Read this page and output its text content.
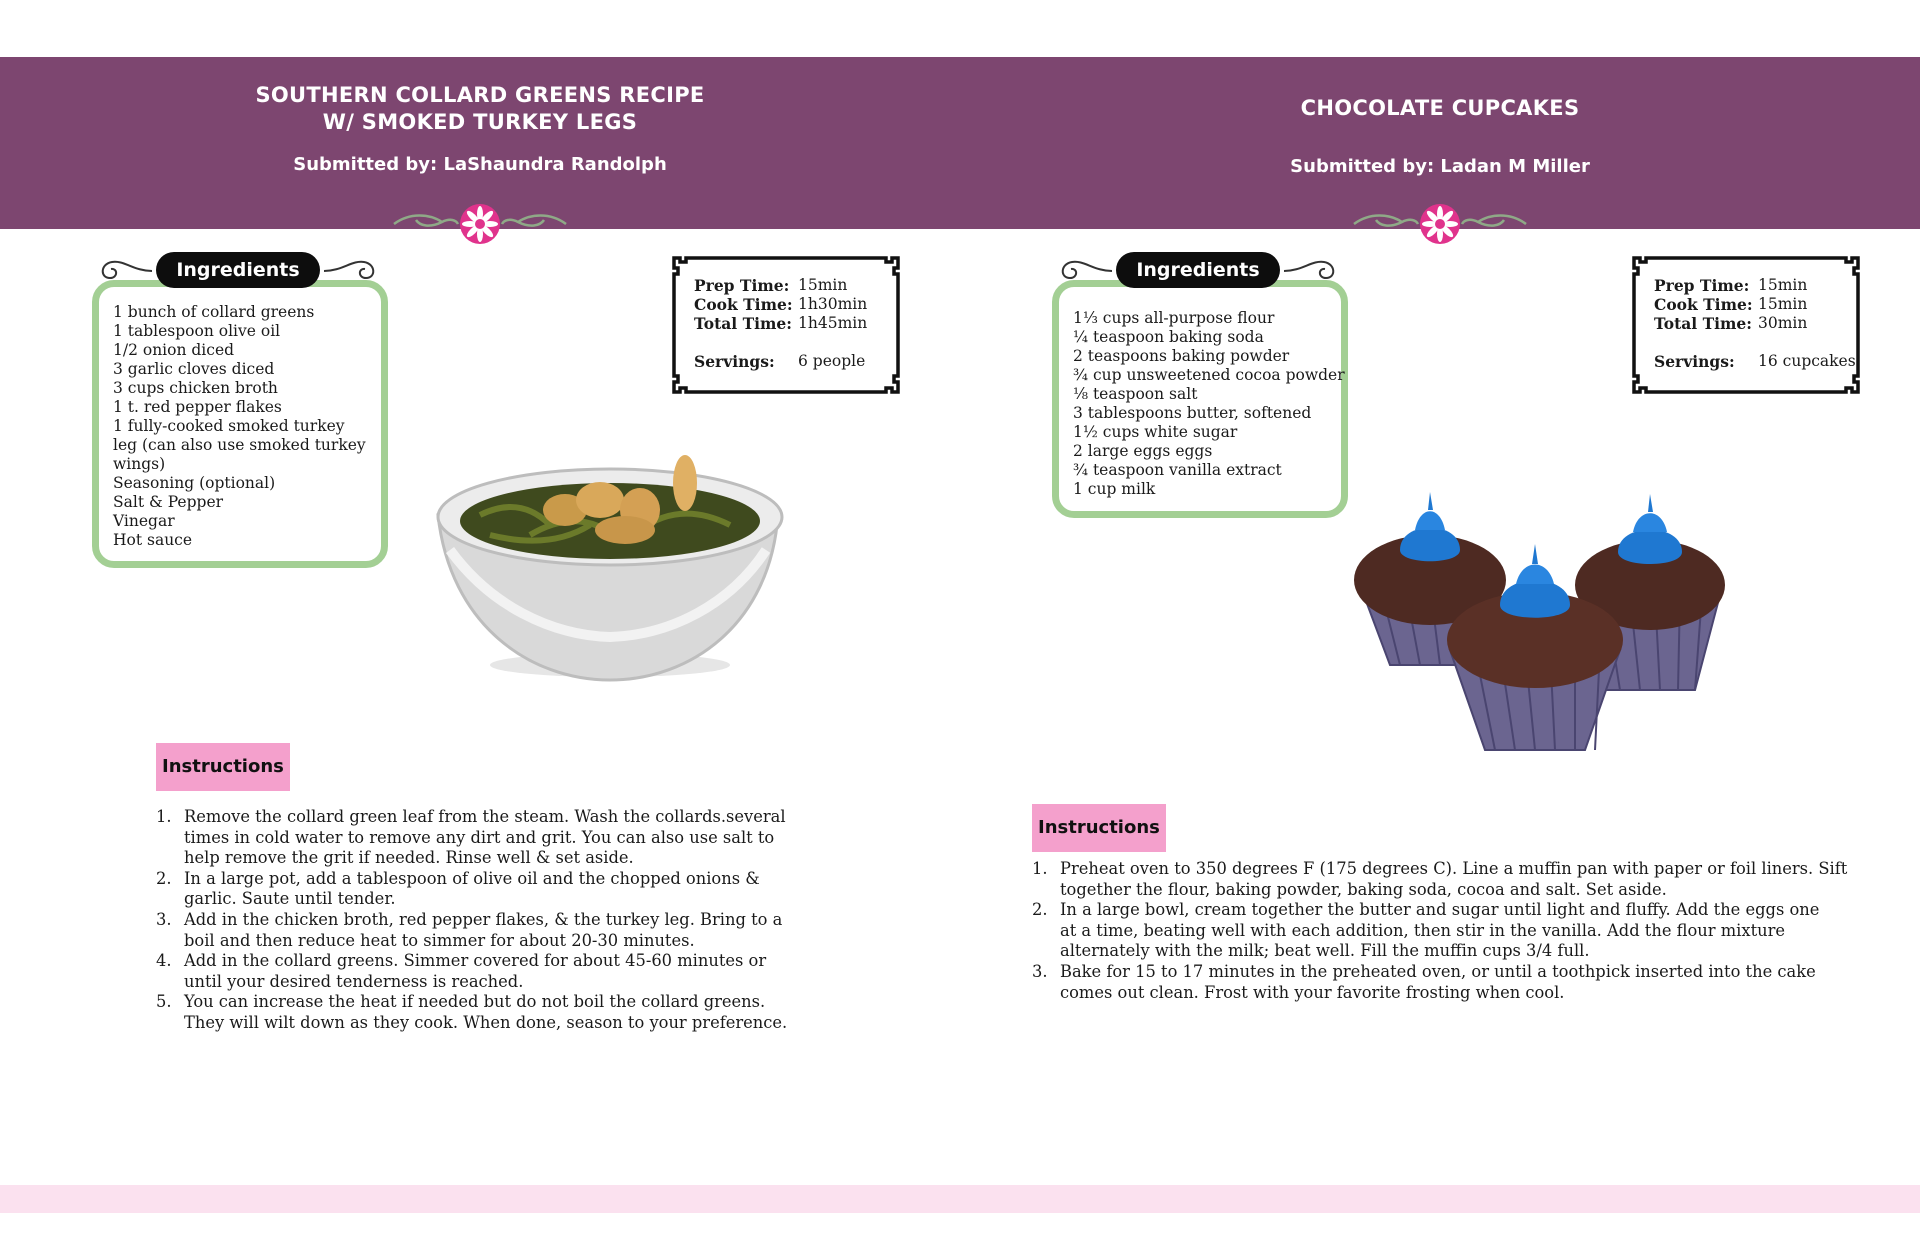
SOUTHERN COLLARD GREENS RECIPE
W/ SMOKED TURKEY LEGS
Submitted by: LaShaundra Randolph
1 bunch of collard greens
1 tablespoon olive oil
1/2 onion diced
3 garlic cloves diced
3 cups chicken broth
1 t. red pepper flakes
1 fully-cooked smoked turkey
leg (can also use smoked turkey
wings)
Seasoning (optional)
Salt & Pepper
Vinegar
Hot sauce
Ingredients
Prep Time: 15min
Cook Time: 1h30min
Total Time: 1h45min
Servings:	6 people
Instructions
1. Remove the collard green leaf from the steam. Wash the collards.several
times in cold water to remove any dirt and grit. You can also use salt to
help remove the grit if needed. Rinse well & set aside.
2. In a large pot, add a tablespoon of olive oil and the chopped onions &
garlic. Saute until tender.
3. Add in the chicken broth, red pepper flakes, & the turkey leg. Bring to a
boil and then reduce heat to simmer for about 20-30 minutes.
4. Add in the collard greens. Simmer covered for about 45-60 minutes or
until your desired tenderness is reached.
5. You can increase the heat if needed but do not boil the collard greens.
They will wilt down as they cook. When done, season to your preference.
CHOCOLATE CUPCAKES
Submitted by: Ladan M Miller
1⅓ cups all-purpose flour
¼ teaspoon baking soda
2 teaspoons baking powder
¾ cup unsweetened cocoa powder
⅛ teaspoon salt
3 tablespoons butter, softened
1½ cups white sugar
2 large eggs eggs
¾ teaspoon vanilla extract
1 cup milk
Ingredients
Prep Time: 15min
Cook Time: 15min
Total Time: 30min
Servings:	16 cupcakes
Instructions
1. Preheat oven to 350 degrees F (175 degrees C). Line a muffin pan with paper or foil liners. Sift
together the flour, baking powder, baking soda, cocoa and salt. Set aside.
2. In a large bowl, cream together the butter and sugar until light and fluffy. Add the eggs one
at a time, beating well with each addition, then stir in the vanilla. Add the flour mixture
alternately with the milk; beat well. Fill the muffin cups 3/4 full.
3. Bake for 15 to 17 minutes in the preheated oven, or until a toothpick inserted into the cake
comes out clean. Frost with your favorite frosting when cool.
